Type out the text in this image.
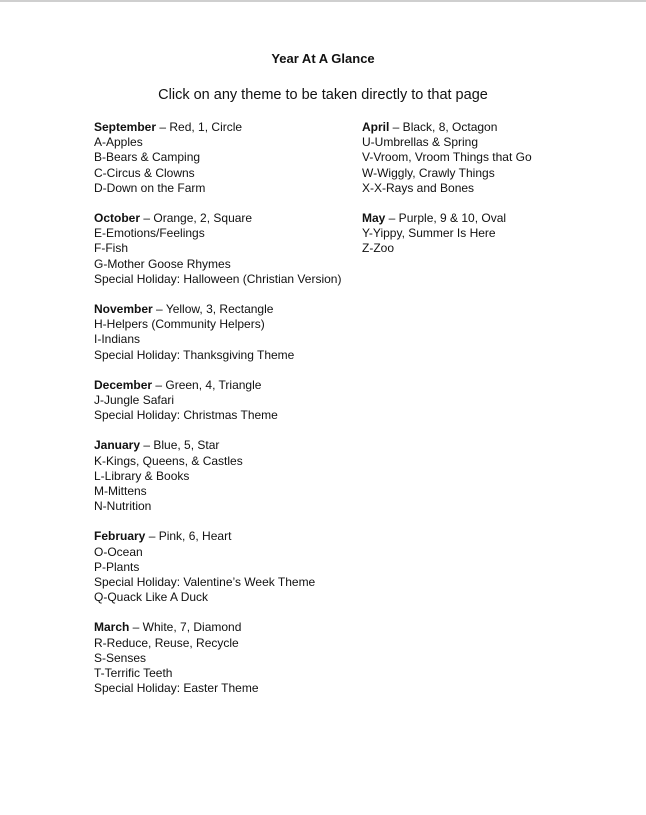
Year At A Glance
Click on any theme to be taken directly to that page
September – Red, 1, Circle
A-Apples
B-Bears & Camping
C-Circus & Clowns
D-Down on the Farm
October – Orange, 2, Square
E-Emotions/Feelings
F-Fish
G-Mother Goose Rhymes
Special Holiday: Halloween (Christian Version)
November – Yellow, 3, Rectangle
H-Helpers (Community Helpers)
I-Indians
Special Holiday: Thanksgiving Theme
December – Green, 4, Triangle
J-Jungle Safari
Special Holiday: Christmas Theme
January – Blue, 5, Star
K-Kings, Queens, & Castles
L-Library & Books
M-Mittens
N-Nutrition
February – Pink, 6, Heart
O-Ocean
P-Plants
Special Holiday: Valentine’s Week Theme
Q-Quack Like A Duck
March – White, 7, Diamond
R-Reduce, Reuse, Recycle
S-Senses
T-Terrific Teeth
Special Holiday: Easter Theme
April – Black, 8, Octagon
U-Umbrellas & Spring
V-Vroom, Vroom Things that Go
W-Wiggly, Crawly Things
X-X-Rays and Bones
May – Purple, 9 & 10, Oval
Y-Yippy, Summer Is Here
Z-Zoo
